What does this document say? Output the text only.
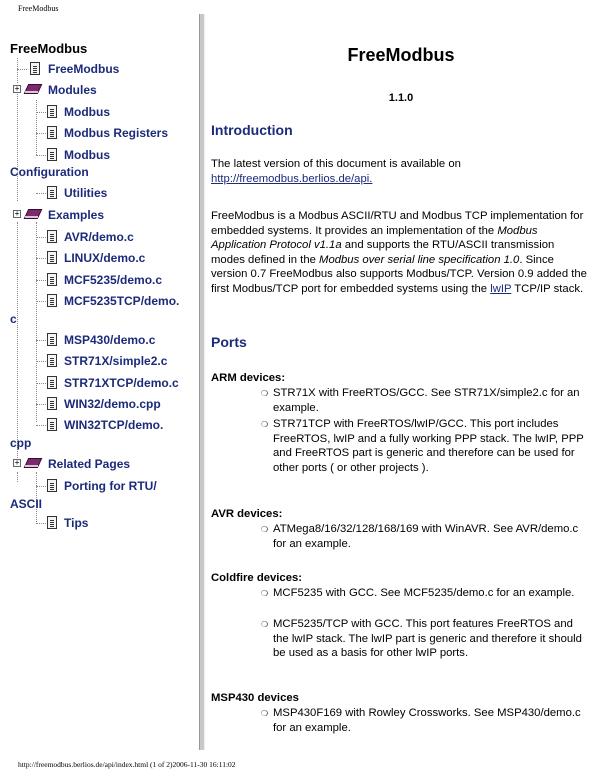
FreeModbus
FreeModbus
FreeModbus
+ Modules
Modbus
Modbus Registers
Modbus
Configuration
Utilities
+ Examples
AVR/demo.c
LINUX/demo.c
MCF5235/demo.c
MCF5235TCP/demo.
c
MSP430/demo.c
STR71X/simple2.c
STR71XTCP/demo.c
WIN32/demo.cpp
WIN32TCP/demo.
cpp
+ Related Pages
Porting for RTU/
ASCII
Tips
FreeModbus
1.1.0
Introduction

The latest version of this document is available on http://freemodbus.berlios.de/api.

FreeModbus is a Modbus ASCII/RTU and Modbus TCP implementation for embedded systems. It provides an implementation of the Modbus Application Protocol v1.1a and supports the RTU/ASCII transmission modes defined in the Modbus over serial line specification 1.0. Since version 0.7 FreeModbus also supports Modbus/TCP. Version 0.9 added the first Modbus/TCP port for embedded systems using the lwIP TCP/IP stack.

Ports
ARM devices:
❍ STR71X with FreeRTOS/GCC. See STR71X/simple2.c for an example.
❍ STR71TCP with FreeRTOS/lwIP/GCC. This port includes FreeRTOS, lwIP and a fully working PPP stack. The lwIP, PPP and FreeRTOS part is generic and therefore can be used for other ports ( or other projects ).
AVR devices:
❍ ATMega8/16/32/128/168/169 with WinAVR. See AVR/demo.c for an example.
Coldfire devices:
❍ MCF5235 with GCC. See MCF5235/demo.c for an example.
❍ MCF5235/TCP with GCC. This port features FreeRTOS and the lwIP stack. The lwIP part is generic and therefore it should be used as a basis for other lwIP ports.
MSP430 devices
❍ MSP430F169 with Rowley Crossworks. See MSP430/demo.c for an example.
http://freemodbus.berlios.de/api/index.html (1 of 2)2006-11-30 16:11:02
